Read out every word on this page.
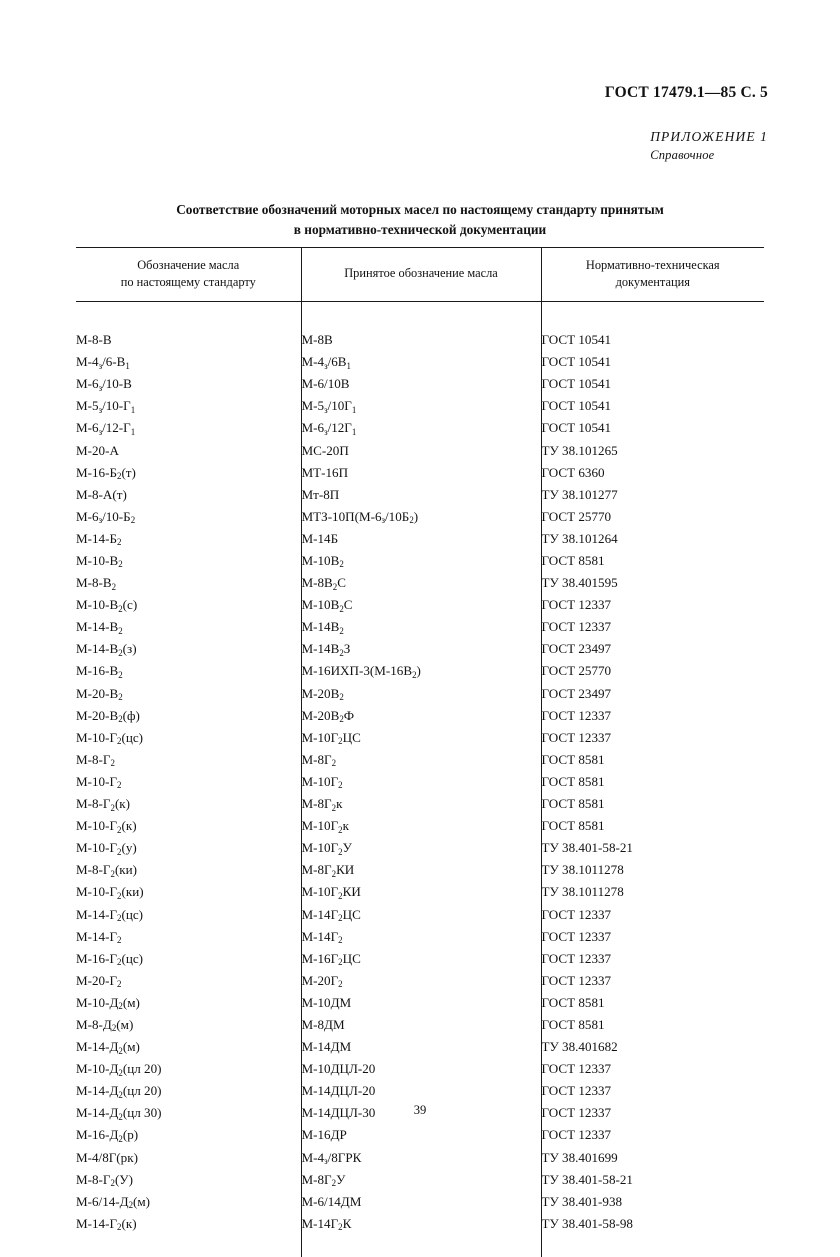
ГОСТ 17479.1—85 С. 5
ПРИЛОЖЕНИЕ 1
Справочное
Соответствие обозначений моторных масел по настоящему стандарту принятым
в нормативно-технической документации
Обозначение масла
по настоящему стандарту	Принятое обозначение масла	Нормативно-техническая
документация

М-8-В	М-8В	ГОСТ 10541
$М-4_з/6-В_1$	$М-4_з/6В_1$	ГОСТ 10541
$М-6_з/10-В$	М-6/10В	ГОСТ 10541
$М-5_з/10-Г_1$	$М-5_з/10Г_1$	ГОСТ 10541
$М-6_з/12-Г_1$	$М-6_з/12Г_1$	ГОСТ 10541
М-20-А	МС-20П	ТУ 38.101265
$М-16-Б_2(т)$	МТ-16П	ГОСТ 6360
М-8-А(т)	Мт-8П	ТУ 38.101277
$М-6_з/10-Б_2$	МТЗ-$10П(М-6_з/10Б_2)$	ГОСТ 25770
$М-14-Б_2$	М-14Б	ТУ 38.101264
$М-10-В_2$	$М-10В_2$	ГОСТ 8581
$М-8-В_2$	$М-8В_2С$	ТУ 38.401595
$М-10-В_2(с)$	$М-10В_2С$	ГОСТ 12337
$М-14-В_2$	$М-14В_2$	ГОСТ 12337
$М-14-В_2(з)$	$М-14В_2З$	ГОСТ 23497
$М-16-В_2$	$М-16ИХП-3(М-16В_2)$	ГОСТ 25770
$М-20-В_2$	$М-20В_2$	ГОСТ 23497
$М-20-В_2(ф)$	$М-20В_2Ф$	ГОСТ 12337
$М-10-Г_2(цс)$	$М-10Г_2ЦС$	ГОСТ 12337
$М-8-Г_2$	$М-8Г_2$	ГОСТ 8581
$М-10-Г_2$	$М-10Г_2$	ГОСТ 8581
$М-8-Г_2(к)$	$М-8Г_2к$	ГОСТ 8581
$М-10-Г_2(к)$	$М-10Г_2к$	ГОСТ 8581
$М-10-Г_2(у)$	$М-10Г_2У$	ТУ 38.401-58-21
$М-8-Г_2(ки)$	$М-8Г_2КИ$	ТУ 38.1011278
$М-10-Г_2(ки)$	$М-10Г_2КИ$	ТУ 38.1011278
$М-14-Г_2(цс)$	$М-14Г_2ЦС$	ГОСТ 12337
$М-14-Г_2$	$М-14Г_2$	ГОСТ 12337
$М-16-Г_2(цс)$	$М-16Г_2ЦС$	ГОСТ 12337
$М-20-Г_2$	$М-20Г_2$	ГОСТ 12337
$М-10-Д_2(м)$	М-10ДМ	ГОСТ 8581
$М-8-Д_2(м)$	М-8ДМ	ГОСТ 8581
$М-14-Д_2(м)$	М-14ДМ	ТУ 38.401682
$М-10-Д_2(цл$ 20)	М-10ДЦЛ-20	ГОСТ 12337
$М-14-Д_2(цл$ 20)	М-14ДЦЛ-20	ГОСТ 12337
$М-14-Д_2(цл$ 30)	М-14ДЦЛ-30	ГОСТ 12337
$М-16-Д_2(р)$	М-16ДР	ГОСТ 12337
М-4/8Г(рк)	$М-4_з/8ГРК$	ТУ 38.401699
$М-8-Г_2(У)$	$М-8Г_2У$	ТУ 38.401-58-21
$М-6/14-Д_2(м)$	М-6/14ДМ	ТУ 38.401-938
$М-14-Г_2(к)$	$М-14Г_2К$	ТУ 38.401-58-98

39
